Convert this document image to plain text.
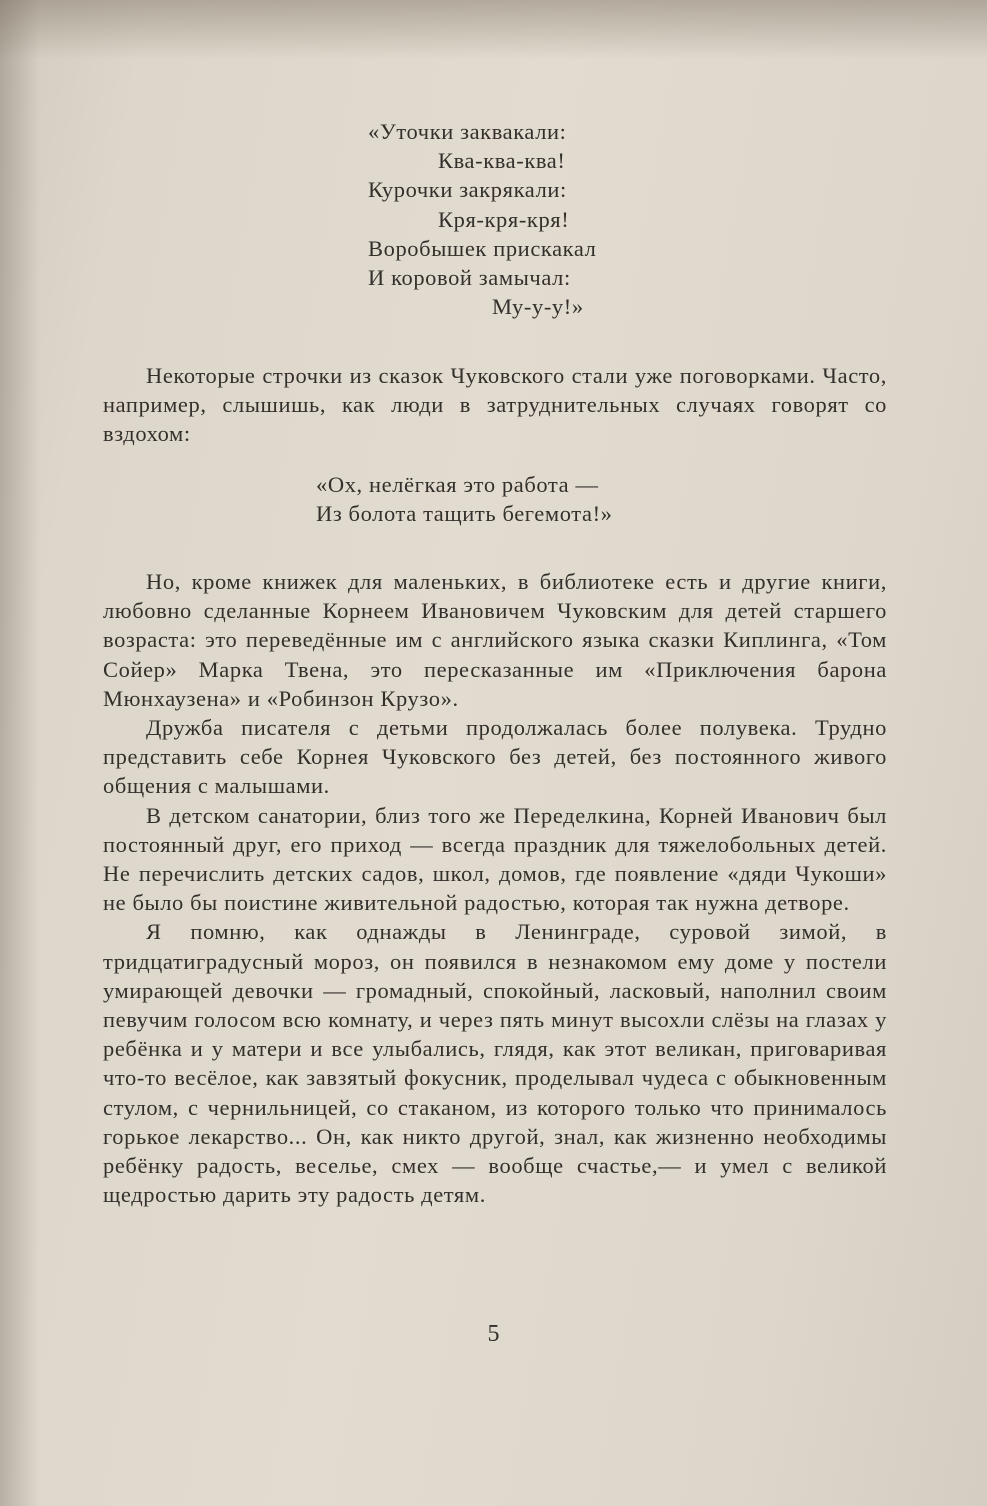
«Уточки заквакали:
Ква-ква-ква!
Курочки закрякали:
Кря-кря-кря!
Воробышек прискакал
И коровой замычал:
Му-у-у!»

Некоторые строчки из сказок Чуковского стали уже поговорками. Часто, например, слышишь, как люди в затруднительных случаях говорят со вздохом:

«Ох, нелёгкая это работа —
Из болота тащить бегемота!»

Но, кроме книжек для маленьких, в библиотеке есть и другие книги, любовно сделанные Корнеем Ивановичем Чуковским для детей старшего возраста: это переведённые им с английского языка сказки Киплинга, «Том Сойер» Марка Твена, это пересказанные им «Приключения барона Мюнхаузена» и «Робинзон Крузо».

Дружба писателя с детьми продолжалась более полувека. Трудно представить себе Корнея Чуковского без детей, без постоянного живого общения с малышами.

В детском санатории, близ того же Переделкина, Корней Иванович был постоянный друг, его приход — всегда праздник для тяжелобольных детей. Не перечислить детских садов, школ, домов, где появление «дяди Чукоши» не было бы поистине живительной радостью, которая так нужна детворе.

Я помню, как однажды в Ленинграде, суровой зимой, в тридцатиградусный мороз, он появился в незнакомом ему доме у постели умирающей девочки — громадный, спокойный, ласковый, наполнил своим певучим голосом всю комнату, и через пять минут высохли слёзы на глазах у ребёнка и у матери и все улыбались, глядя, как этот великан, приговаривая что-то весёлое, как завзятый фокусник, проделывал чудеса с обыкновенным стулом, с чернильницей, со стаканом, из которого только что принималось горькое лекарство... Он, как никто другой, знал, как жизненно необходимы ребёнку радость, веселье, смех — вообще счастье,— и умел с великой щедростью дарить эту радость детям.

5
